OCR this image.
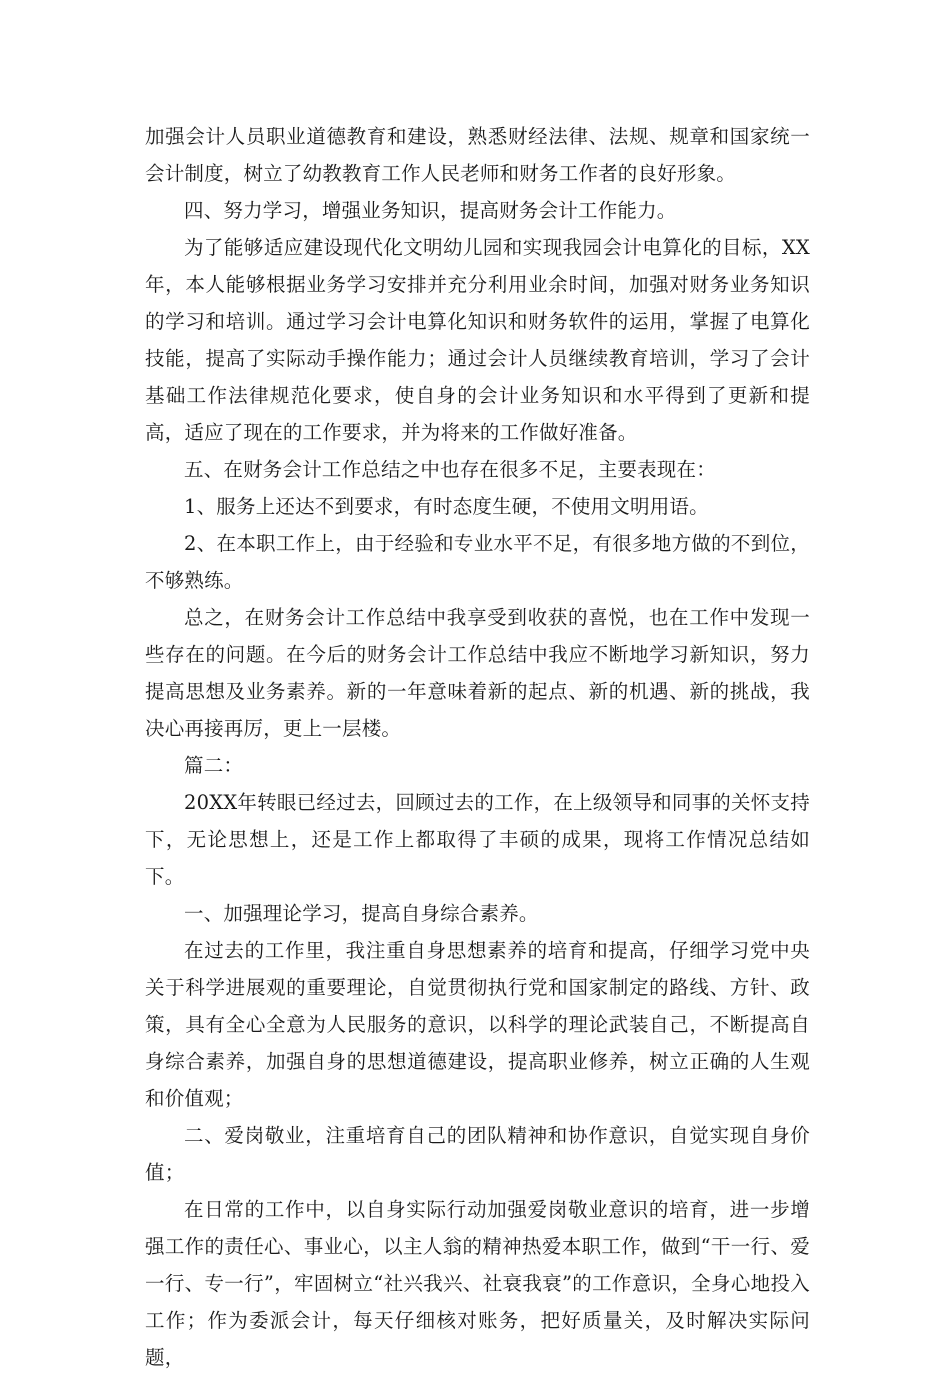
加强会计人员职业道德教育和建设，熟悉财经法律、法规、规章和国家统一会计制度，树立了幼教教育工作人民老师和财务工作者的良好形象。

四、努力学习，增强业务知识，提高财务会计工作能力。

为了能够适应建设现代化文明幼儿园和实现我园会计电算化的目标，XX年，本人能够根据业务学习安排并充分利用业余时间，加强对财务业务知识的学习和培训。通过学习会计电算化知识和财务软件的运用，掌握了电算化技能，提高了实际动手操作能力；通过会计人员继续教育培训，学习了会计基础工作法律规范化要求，使自身的会计业务知识和水平得到了更新和提高，适应了现在的工作要求，并为将来的工作做好准备。

五、在财务会计工作总结之中也存在很多不足，主要表现在：

1、服务上还达不到要求，有时态度生硬，不使用文明用语。

2、在本职工作上，由于经验和专业水平不足，有很多地方做的不到位，不够熟练。

总之，在财务会计工作总结中我享受到收获的喜悦，也在工作中发现一些存在的问题。在今后的财务会计工作总结中我应不断地学习新知识，努力提高思想及业务素养。新的一年意味着新的起点、新的机遇、新的挑战，我决心再接再厉，更上一层楼。

篇二：

20XX年转眼已经过去，回顾过去的工作，在上级领导和同事的关怀支持下，无论思想上，还是工作上都取得了丰硕的成果，现将工作情况总结如下。

一、加强理论学习，提高自身综合素养。

在过去的工作里，我注重自身思想素养的培育和提高，仔细学习党中央关于科学进展观的重要理论，自觉贯彻执行党和国家制定的路线、方针、政策，具有全心全意为人民服务的意识，以科学的理论武装自己，不断提高自身综合素养，加强自身的思想道德建设，提高职业修养，树立正确的人生观和价值观；

二、爱岗敬业，注重培育自己的团队精神和协作意识，自觉实现自身价值；

在日常的工作中，以自身实际行动加强爱岗敬业意识的培育，进一步增强工作的责任心、事业心，以主人翁的精神热爱本职工作，做到“干一行、爱一行、专一行”，牢固树立“社兴我兴、社衰我衰”的工作意识，全身心地投入工作；作为委派会计，每天仔细核对账务，把好质量关，及时解决实际问题，
